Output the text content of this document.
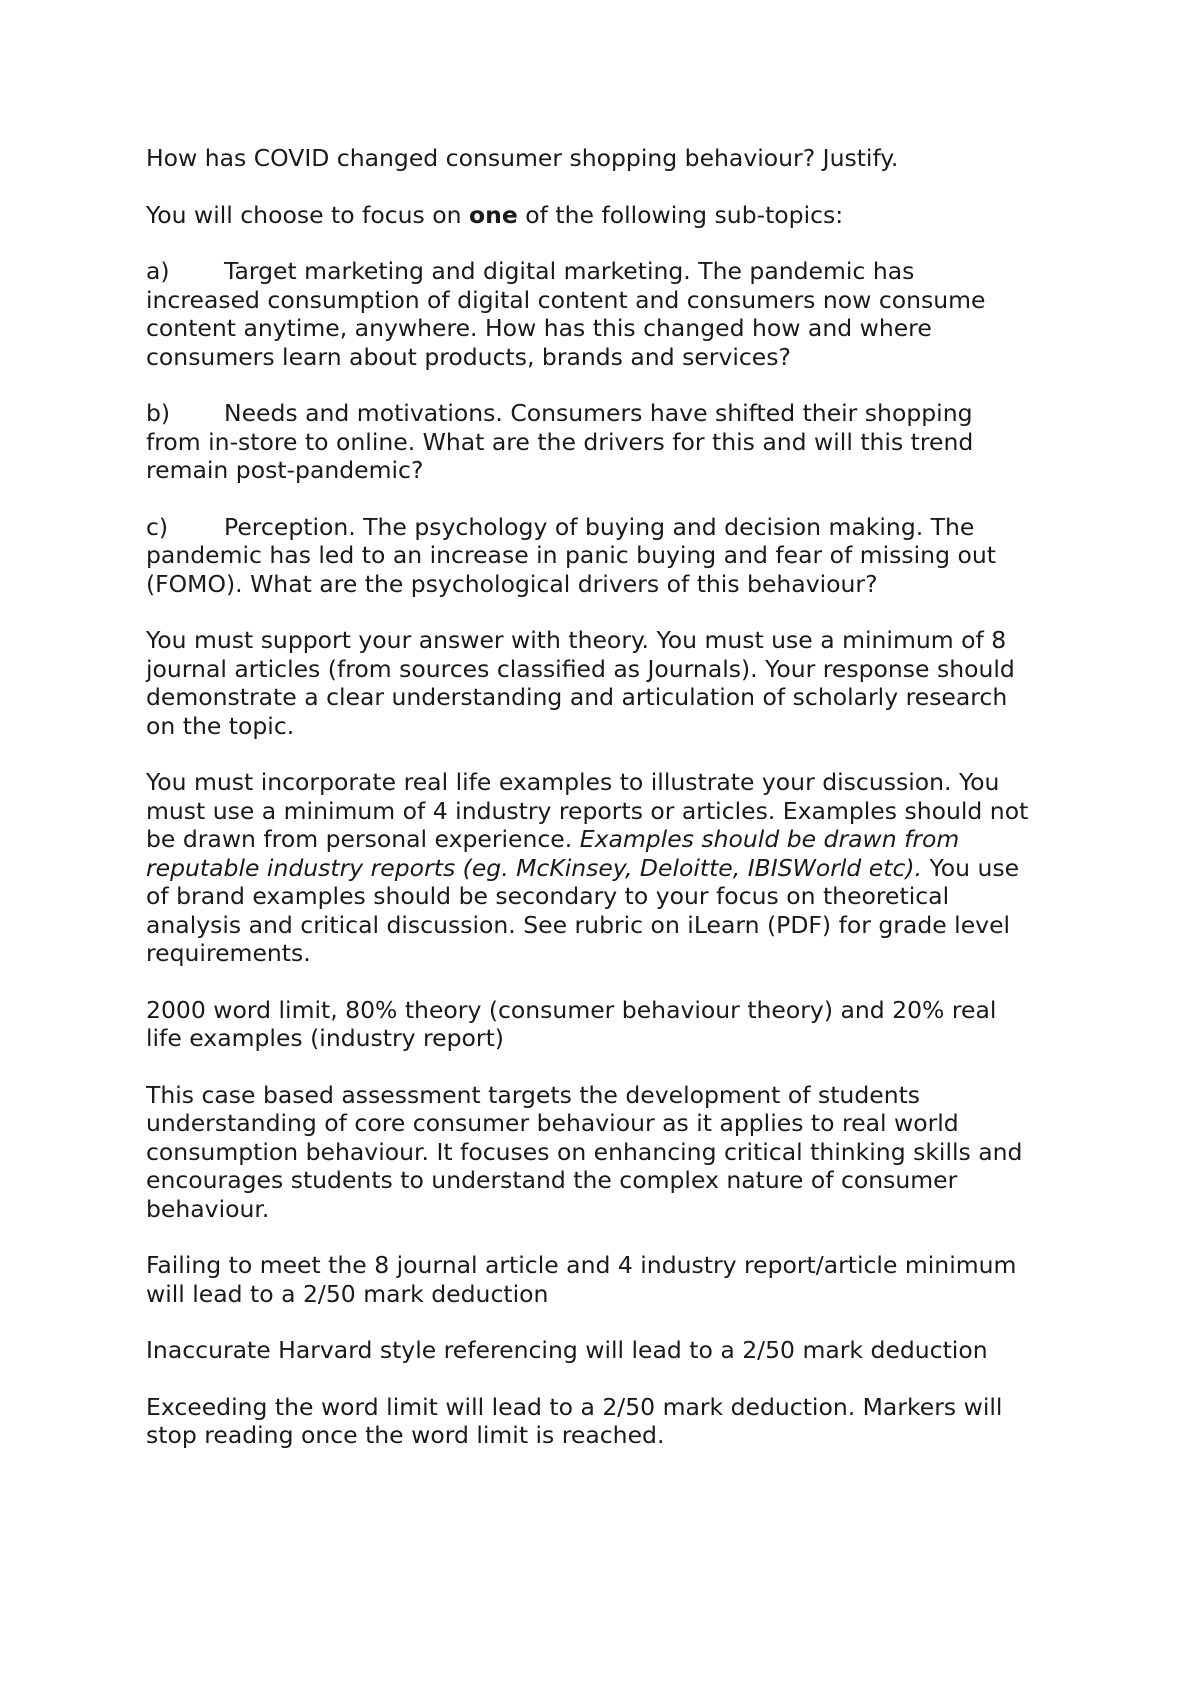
How has COVID changed consumer shopping behaviour? Justify.

You will choose to focus on one of the following sub-topics:

a) Target marketing and digital marketing. The pandemic has
increased consumption of digital content and consumers now consume
content anytime, anywhere. How has this changed how and where
consumers learn about products, brands and services?

b) Needs and motivations. Consumers have shifted their shopping
from in-store to online. What are the drivers for this and will this trend
remain post-pandemic?

c) Perception. The psychology of buying and decision making. The
pandemic has led to an increase in panic buying and fear of missing out
(FOMO). What are the psychological drivers of this behaviour?

You must support your answer with theory. You must use a minimum of 8
journal articles (from sources classified as Journals). Your response should
demonstrate a clear understanding and articulation of scholarly research
on the topic.

You must incorporate real life examples to illustrate your discussion. You
must use a minimum of 4 industry reports or articles. Examples should not
be drawn from personal experience. Examples should be drawn from
reputable industry reports (eg. McKinsey, Deloitte, IBISWorld etc). You use
of brand examples should be secondary to your focus on theoretical
analysis and critical discussion. See rubric on iLearn (PDF) for grade level
requirements.

2000 word limit, 80% theory (consumer behaviour theory) and 20% real
life examples (industry report)

This case based assessment targets the development of students
understanding of core consumer behaviour as it applies to real world
consumption behaviour. It focuses on enhancing critical thinking skills and
encourages students to understand the complex nature of consumer
behaviour.

Failing to meet the 8 journal article and 4 industry report/article minimum
will lead to a 2/50 mark deduction

Inaccurate Harvard style referencing will lead to a 2/50 mark deduction

Exceeding the word limit will lead to a 2/50 mark deduction. Markers will
stop reading once the word limit is reached.
